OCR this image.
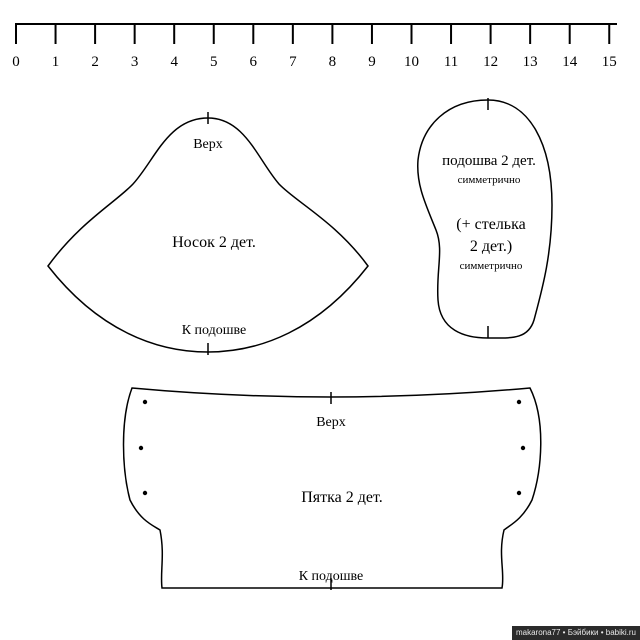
0 1 2 3 4 5 6 7 8 9 10 11 12 13 14 15
Верх
Носок 2 дет.
К подошве
подошва 2 дет.
симметрично
(+ стелька
2 дет.)
симметрично
Верх
Пятка 2 дет.
К подошве
makarona77 • Бэйбики • babiki.ru
